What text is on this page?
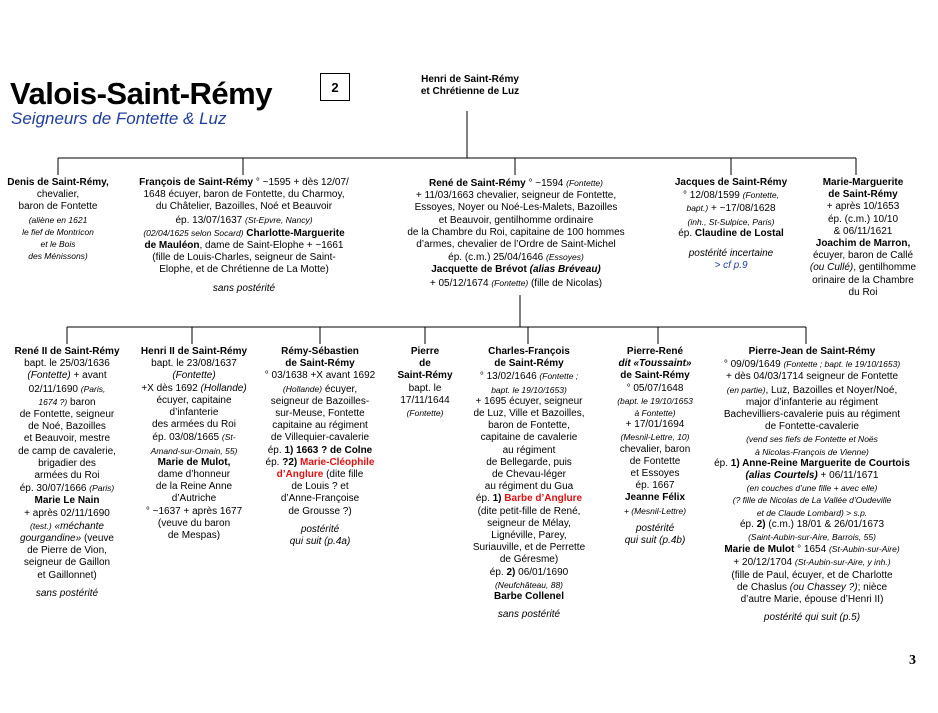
Valois-Saint-Rémy
Seigneurs de Fontette & Luz
2
3
Henri de Saint-Rémy
et Chrétienne de Luz
Denis de Saint-Rémy, chevalier,
baron de Fontette
(aliène en 1621
le fief de Montricon
et le Bois
des Ménissons)
François de Saint-Rémy ° ~1595 + dès 12/07/
1648 écuyer, baron de Fontette, du Charmoy,
du Châtelier, Bazoilles, Noé et Beauvoir
ép. 13/07/1637 (St-Epvre, Nancy)
(02/04/1625 selon Socard) Charlotte-Marguerite
de Mauléon, dame de Saint-Elophe + ~1661
(fille de Louis-Charles, seigneur de Saint-
Elophe, et de Chrétienne de La Motte)
sans postérité
René de Saint-Rémy ° ~1594 (Fontette)
+ 11/03/1663 chevalier, seigneur de Fontette,
Essoyes, Noyer ou Noé-Les-Malets, Bazoilles
et Beauvoir, gentilhomme ordinaire
de la Chambre du Roi, capitaine de 100 hommes
d’armes, chevalier de l’Ordre de Saint-Michel
ép. (c.m.) 25/04/1646 (Essoyes)
Jacquette de Brévot (alias Bréveau)
+ 05/12/1674 (Fontette) (fille de Nicolas)
Jacques de Saint-Rémy
° 12/08/1599 (Fontette,
bapt.) + ~17/08/1628
(inh., St-Sulpice, Paris)
ép. Claudine de Lostal
postérité incertaine
> cf p.9
Marie-Marguerite
de Saint-Rémy
+ après 10/1653
ép. (c.m.) 10/10
& 06/11/1621
Joachim de Marron,
écuyer, baron de Callé
(ou Cullé), gentilhomme
orinaire de la Chambre
du Roi
René II de Saint-Rémy
bapt. le 25/03/1636
(Fontette) + avant
02/11/1690 (Paris,
1674 ?) baron
de Fontette, seigneur
de Noé, Bazoilles
et Beauvoir, mestre
de camp de cavalerie,
brigadier des
armées du Roi
ép. 30/07/1666 (Paris)
Marie Le Nain
+ après 02/11/1690
(test.) «méchante
gourgandine» (veuve
de Pierre de Vion,
seigneur de Gaillon
et Gaillonnet)
sans postérité
Henri II de Saint-Rémy
bapt. le 23/08/1637
(Fontette)
+X dès 1692 (Hollande)
écuyer, capitaine
d’infanterie
des armées du Roi
ép. 03/08/1665 (St-
Amand-sur-Ornain, 55)
Marie de Mulot,
dame d’honneur
de la Reine Anne
d’Autriche
° ~1637 + après 1677
(veuve du baron
de Mespas)
Rémy-Sébastien
de Saint-Rémy
° 03/1638 +X avant 1692
(Hollande) écuyer,
seigneur de Bazoilles-
sur-Meuse, Fontette
capitaine au régiment
de Villequier-cavalerie
ép. 1) 1663 ? de Colne
ép. ?2) Marie-Cléophile
d’Anglure (dite fille
de Louis ? et
d’Anne-Françoise
de Grousse ?)
postérité
qui suit (p.4a)
Pierre
de
Saint-Rémy
bapt. le
17/11/1644
(Fontette)
Charles-François
de Saint-Rémy
° 13/02/1646 (Fontette ;
bapt. le 19/10/1653)
+ 1695 écuyer, seigneur
de Luz, Ville et Bazoilles,
baron de Fontette,
capitaine de cavalerie
au régiment
de Bellegarde, puis
de Chevau-léger
au régiment du Gua
ép. 1) Barbe d’Anglure
(dite petit-fille de René,
seigneur de Mélay,
Lignéville, Parey,
Suriauville, et de Perrette
de Géresme)
ép. 2) 06/01/1690
(Neufchâteau, 88)
Barbe Collenel
sans postérité
Pierre-René
dit «Toussaint»
de Saint-Rémy
° 05/07/1648
(bapt. le 19/10/1653
à Fontette)
+ 17/01/1694
(Mesnil-Lettre, 10)
chevalier, baron
de Fontette
et Essoyes
ép. 1667
Jeanne Félix
+ (Mesnil-Lettre)
postérité
qui suit (p.4b)
Pierre-Jean de Saint-Rémy
° 09/09/1649 (Fontette ; bapt. le 19/10/1653)
+ dès 04/03/1714 seigneur de Fontette
(en partie), Luz, Bazoilles et Noyer/Noé,
major d’infanterie au régiment
Bachevilliers-cavalerie puis au régiment
de Fontette-cavalerie
(vend ses fiefs de Fontette et Noës
à Nicolas-François de Vienne)
ép. 1) Anne-Reine Marguerite de Courtois
(alias Courtels) + 06/11/1671
(en couches d’une fille + avec elle)
(? fille de Nicolas de La Vallée d’Oudeville
et de Claude Lombard) > s.p.
ép. 2) (c.m.) 18/01 & 26/01/1673
(Saint-Aubin-sur-Aire, Barrois, 55)
Marie de Mulot ° 1654 (St-Aubin-sur-Aire)
+ 20/12/1704 (St-Aubin-sur-Aire, y inh.)
(fille de Paul, écuyer, et de Charlotte
de Chaslus (ou Chassey ?); nièce
d’autre Marie, épouse d’Henri II)
postérité qui suit (p.5)
